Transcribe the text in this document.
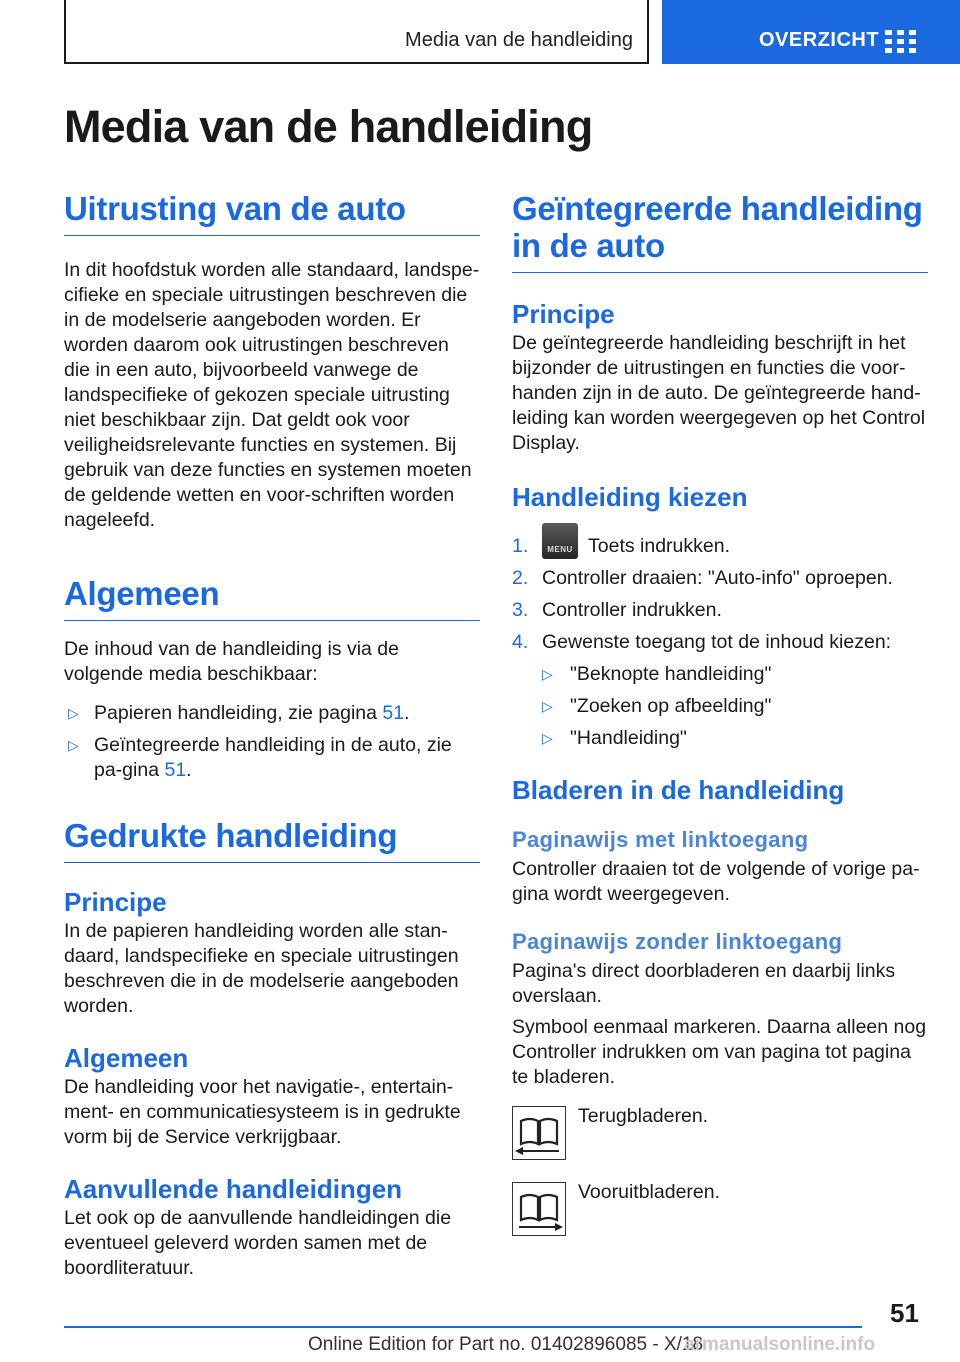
Media van de handleiding	OVERZICHT
Media van de handleiding
Uitrusting van de auto

In dit hoofdstuk worden alle standaard, landspe-cifieke en speciale uitrustingen beschreven die in de modelserie aangeboden worden. Er worden daarom ook uitrustingen beschreven die in een auto, bijvoorbeeld vanwege de landspecifieke of gekozen speciale uitrusting niet beschikbaar zijn. Dat geldt ook voor veiligheidsrelevante functies en systemen. Bij gebruik van deze functies en systemen moeten de geldende wetten en voor-schriften worden nageleefd.

Algemeen

De inhoud van de handleiding is via de volgende media beschikbaar:

▷ Papieren handleiding, zie pagina 51.
▷ Geïntegreerde handleiding in de auto, zie pa-gina 51.
Gedrukte handleiding
Principe

In de papieren handleiding worden alle stan-daard, landspecifieke en speciale uitrustingen beschreven die in de modelserie aangeboden worden.

Algemeen

De handleiding voor het navigatie-, entertain-ment- en communicatiesysteem is in gedrukte vorm bij de Service verkrijgbaar.

Aanvullende handleidingen

Let ook op de aanvullende handleidingen die eventueel geleverd worden samen met de boordliteratuur.

Geïntegreerde handleiding in de auto
Principe

De geïntegreerde handleiding beschrijft in het bijzonder de uitrustingen en functies die voor-handen zijn in de auto. De geïntegreerde hand-leiding kan worden weergegeven op het Control Display.

Handleiding kiezen
1.	MENU Toets indrukken.
2. Controller draaien: "Auto-info" oproepen.
3. Controller indrukken.
4. Gewenste toegang tot de inhoud kiezen:
▷ "Beknopte handleiding"
▷ "Zoeken op afbeelding"
▷ "Handleiding"
Bladeren in de handleiding
Paginawijs met linktoegang

Controller draaien tot de volgende of vorige pa-gina wordt weergegeven.

Paginawijs zonder linktoegang

Pagina's direct doorbladeren en daarbij links overslaan.

Symbool eenmaal markeren. Daarna alleen nog Controller indrukken om van pagina tot pagina te bladeren.

Terugbladeren.
Vooruitbladeren.
51
Online Edition for Part no. 01402896085 - X/18
armanualsonline.info
